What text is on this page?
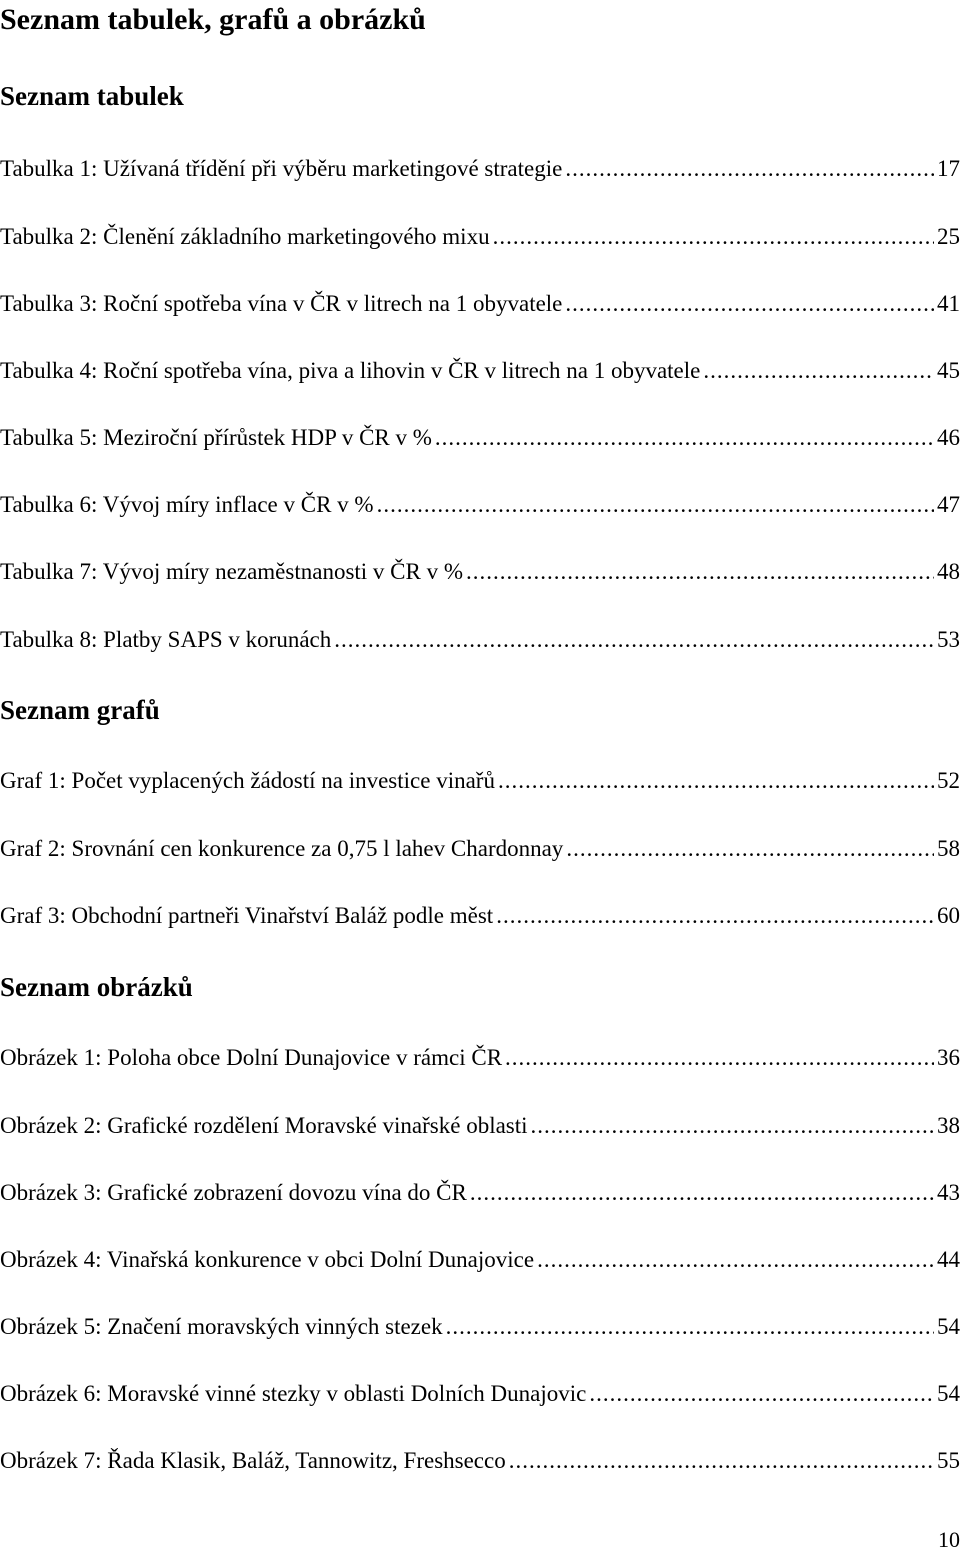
Seznam tabulek, grafů a obrázků
Seznam tabulek
Tabulka 1: Užívaná třídění při výběru marketingové strategie .....	17
Tabulka 2: Členění základního marketingového mixu .....	25
Tabulka 3: Roční spotřeba vína v ČR v litrech na 1 obyvatele .....	41
Tabulka 4: Roční spotřeba vína, piva a lihovin v ČR v litrech na 1 obyvatele .....	45
Tabulka 5: Meziroční přírůstek HDP v ČR v % .....	46
Tabulka 6: Vývoj míry inflace v ČR v % .....	47
Tabulka 7: Vývoj míry nezaměstnanosti v ČR v % .....	48
Tabulka 8: Platby SAPS v korunách .....	53
Seznam grafů
Graf 1: Počet vyplacených žádostí na investice vinařů .....	52
Graf 2: Srovnání cen konkurence za 0,75 l lahev Chardonnay .....	58
Graf 3: Obchodní partneři Vinařství Baláž podle měst .....	60
Seznam obrázků
Obrázek 1: Poloha obce Dolní Dunajovice v rámci ČR .....	36
Obrázek 2: Grafické rozdělení Moravské vinařské oblasti .....	38
Obrázek 3: Grafické zobrazení dovozu vína do ČR .....	43
Obrázek 4: Vinařská konkurence v obci Dolní Dunajovice .....	44
Obrázek 5: Značení moravských vinných stezek .....	54
Obrázek 6: Moravské vinné stezky v oblasti Dolních Dunajovic .....	54
Obrázek 7: Řada Klasik, Baláž, Tannowitz, Freshsecco .....	55
10
